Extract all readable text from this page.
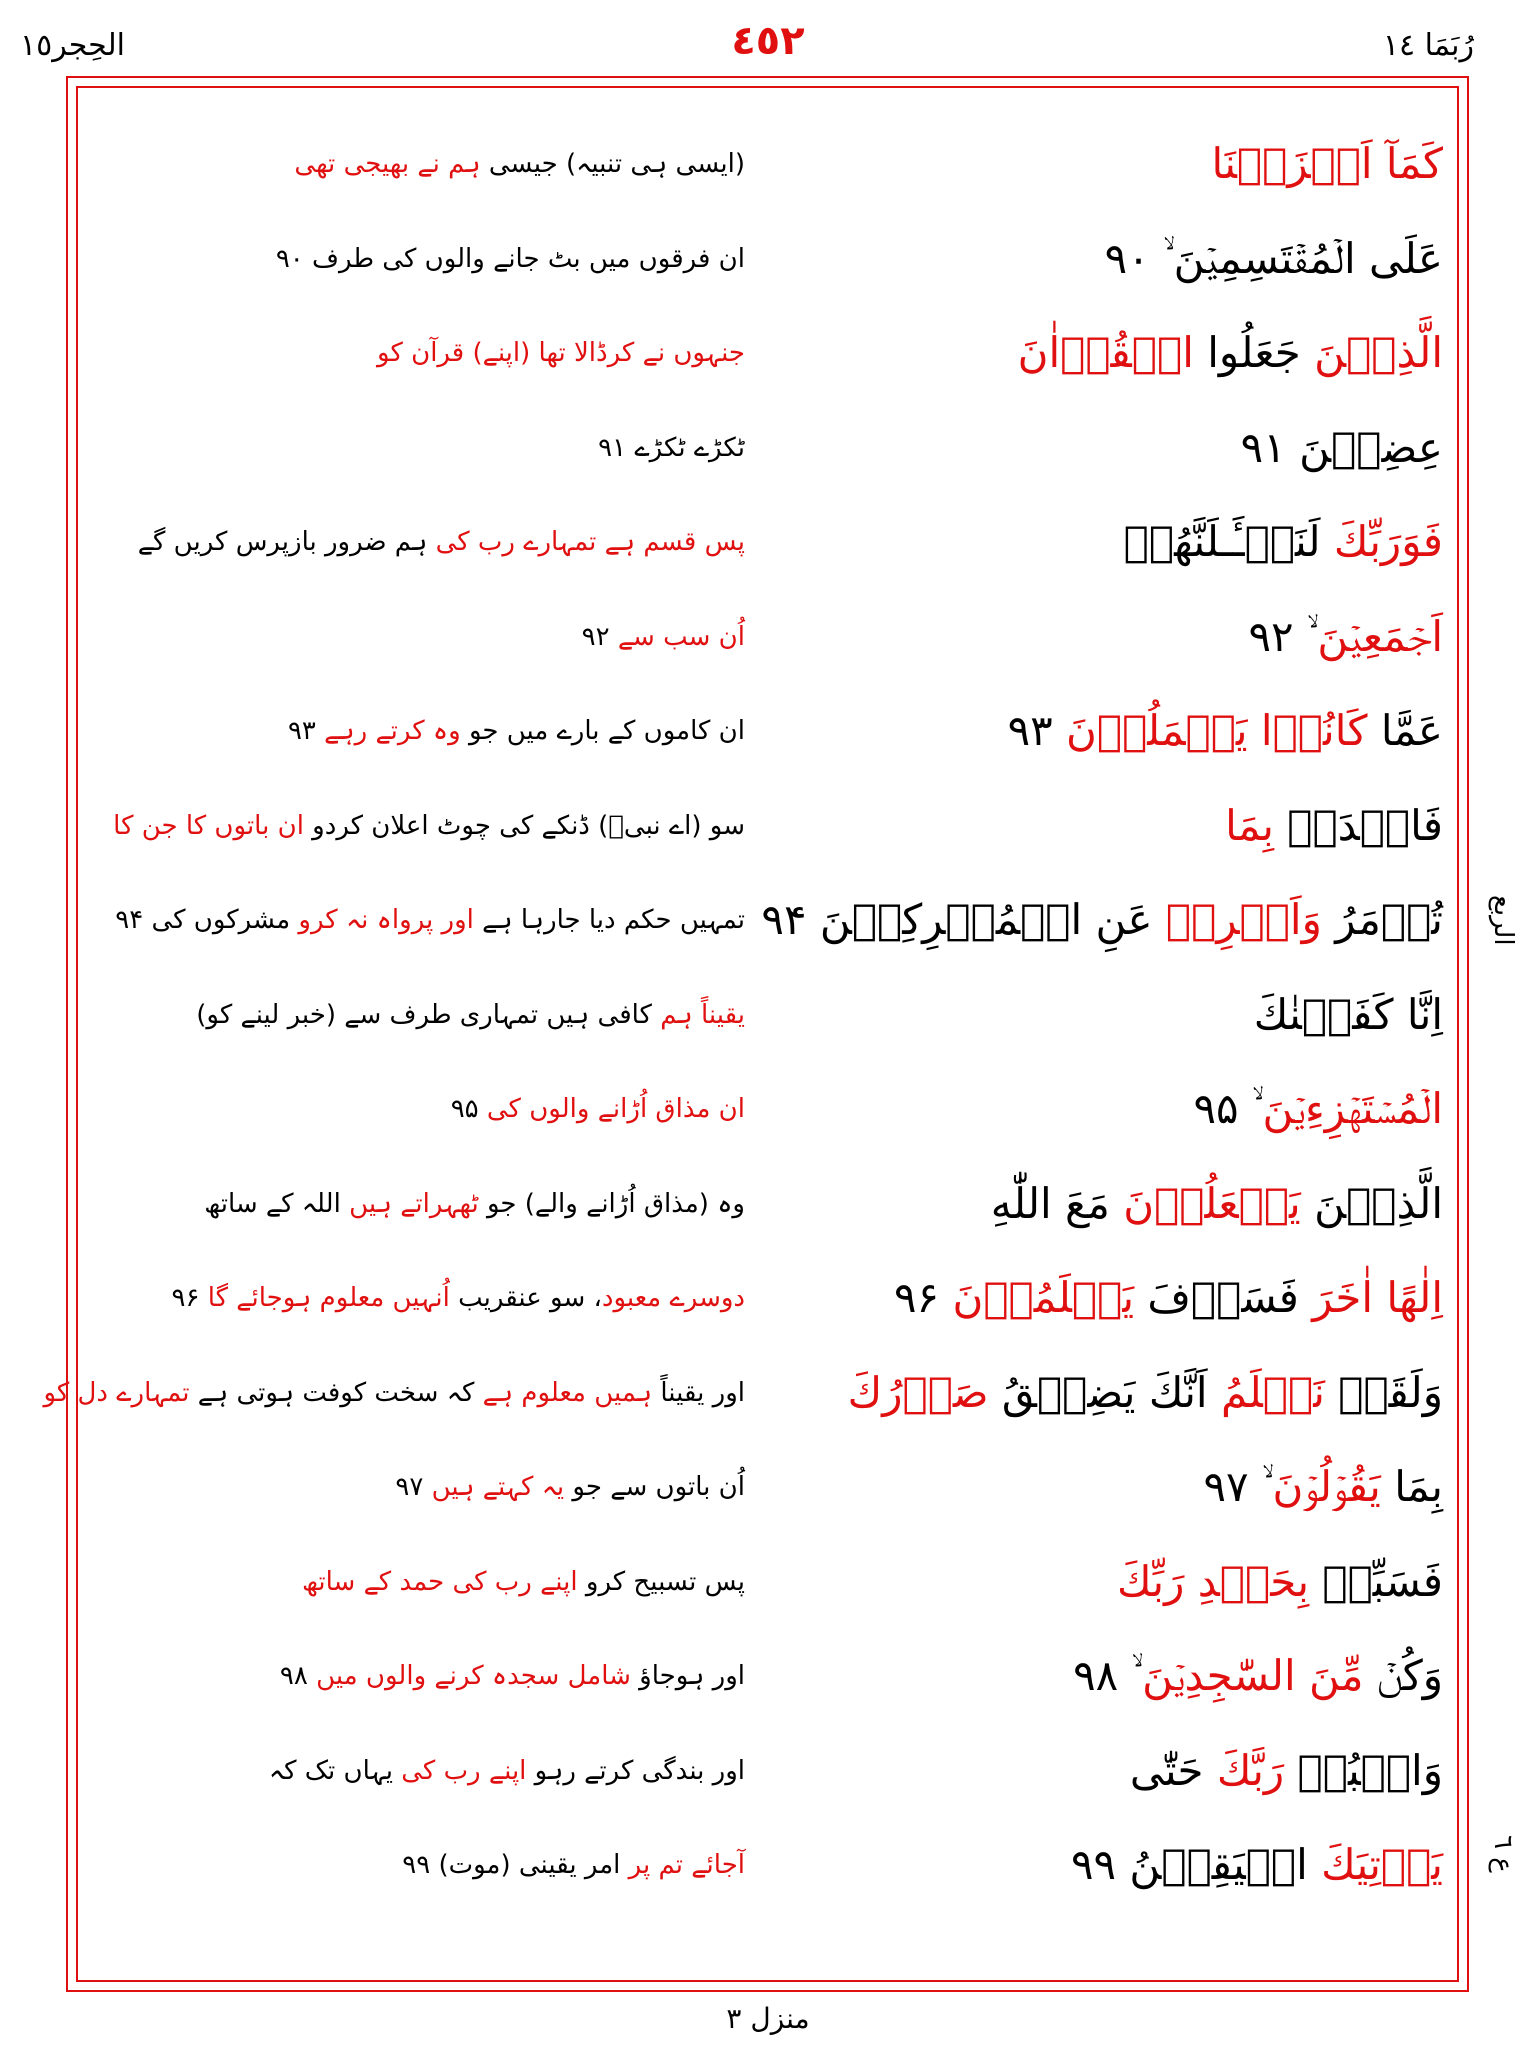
الحِجر١٥	٤٥٢	رُبَمَا ١٤
الربع
ع ٦
كَمَآ اَنۡزَلۡنَا
(ایسی ہی تنبیہ) جیسی ہم نے بھیجی تھی
عَلَى الۡمُقۡتَسِمِيۡنَ ۙ ۹۰
ان فرقوں میں بٹ جانے والوں کی طرف ۹۰
الَّذِيۡنَ جَعَلُوا الۡقُرۡاٰنَ
جنہوں نے کرڈالا تھا (اپنے) قرآن کو
عِضِيۡنَ ۹۱
ٹکڑے ٹکڑے ۹۱
فَوَرَبِّكَ لَنَسۡـَٔـلَنَّهُمۡ
پس قسم ہے تمہارے رب کی ہم ضرور بازپرس کریں گے
اَجۡمَعِيۡنَ ۙ ۹۲
اُن سب سے ۹۲
عَمَّا كَانُوۡا يَعۡمَلُوۡنَ ۹۳
ان کاموں کے بارے میں جو وہ کرتے رہے ۹۳
فَاصۡدَعۡ بِمَا
سو (اے نبیؐ) ڈنکے کی چوٹ اعلان کردو ان باتوں کا جن کا
تُؤۡمَرُ وَاَعۡرِضۡ عَنِ الۡمُشۡرِكِيۡنَ ۹۴
تمہیں حکم دیا جارہا ہے اور پرواہ نہ کرو مشرکوں کی ۹۴
اِنَّا كَفَيۡنٰكَ
یقیناً ہم کافی ہیں تمہاری طرف سے (خبر لینے کو)
الۡمُسۡتَهۡزِءِيۡنَ ۙ ۹۵
ان مذاق اُڑانے والوں کی ۹۵
الَّذِيۡنَ يَجۡعَلُوۡنَ مَعَ اللّٰهِ
وہ (مذاق اُڑانے والے) جو ٹھہراتے ہیں اللہ کے ساتھ
اِلٰهًا اٰخَرَ فَسَوۡفَ يَعۡلَمُوۡنَ ۹۶
دوسرے معبود، سو عنقریب اُنہیں معلوم ہوجائے گا ۹۶
وَلَقَدۡ نَعۡلَمُ اَنَّكَ يَضِيۡقُ صَدۡرُكَ
اور یقیناً ہمیں معلوم ہے کہ سخت کوفت ہوتی ہے تمہارے دل کو
بِمَا يَقُوۡلُوۡنَ ۙ ۹۷
اُن باتوں سے جو یہ کہتے ہیں ۹۷
فَسَبِّحۡ بِحَمۡدِ رَبِّكَ
پس تسبیح کرو اپنے رب کی حمد کے ساتھ
وَكُنۡ مِّنَ السّٰجِدِيۡنَ ۙ ۹۸
اور ہوجاؤ شامل سجدہ کرنے والوں میں ۹۸
وَاعۡبُدۡ رَبَّكَ حَتّٰى
اور بندگی کرتے رہو اپنے رب کی یہاں تک کہ
يَاۡتِيَكَ الۡيَقِيۡنُ ۹۹
آجائے تم پر امر یقینی (موت) ۹۹
منزل ٣
